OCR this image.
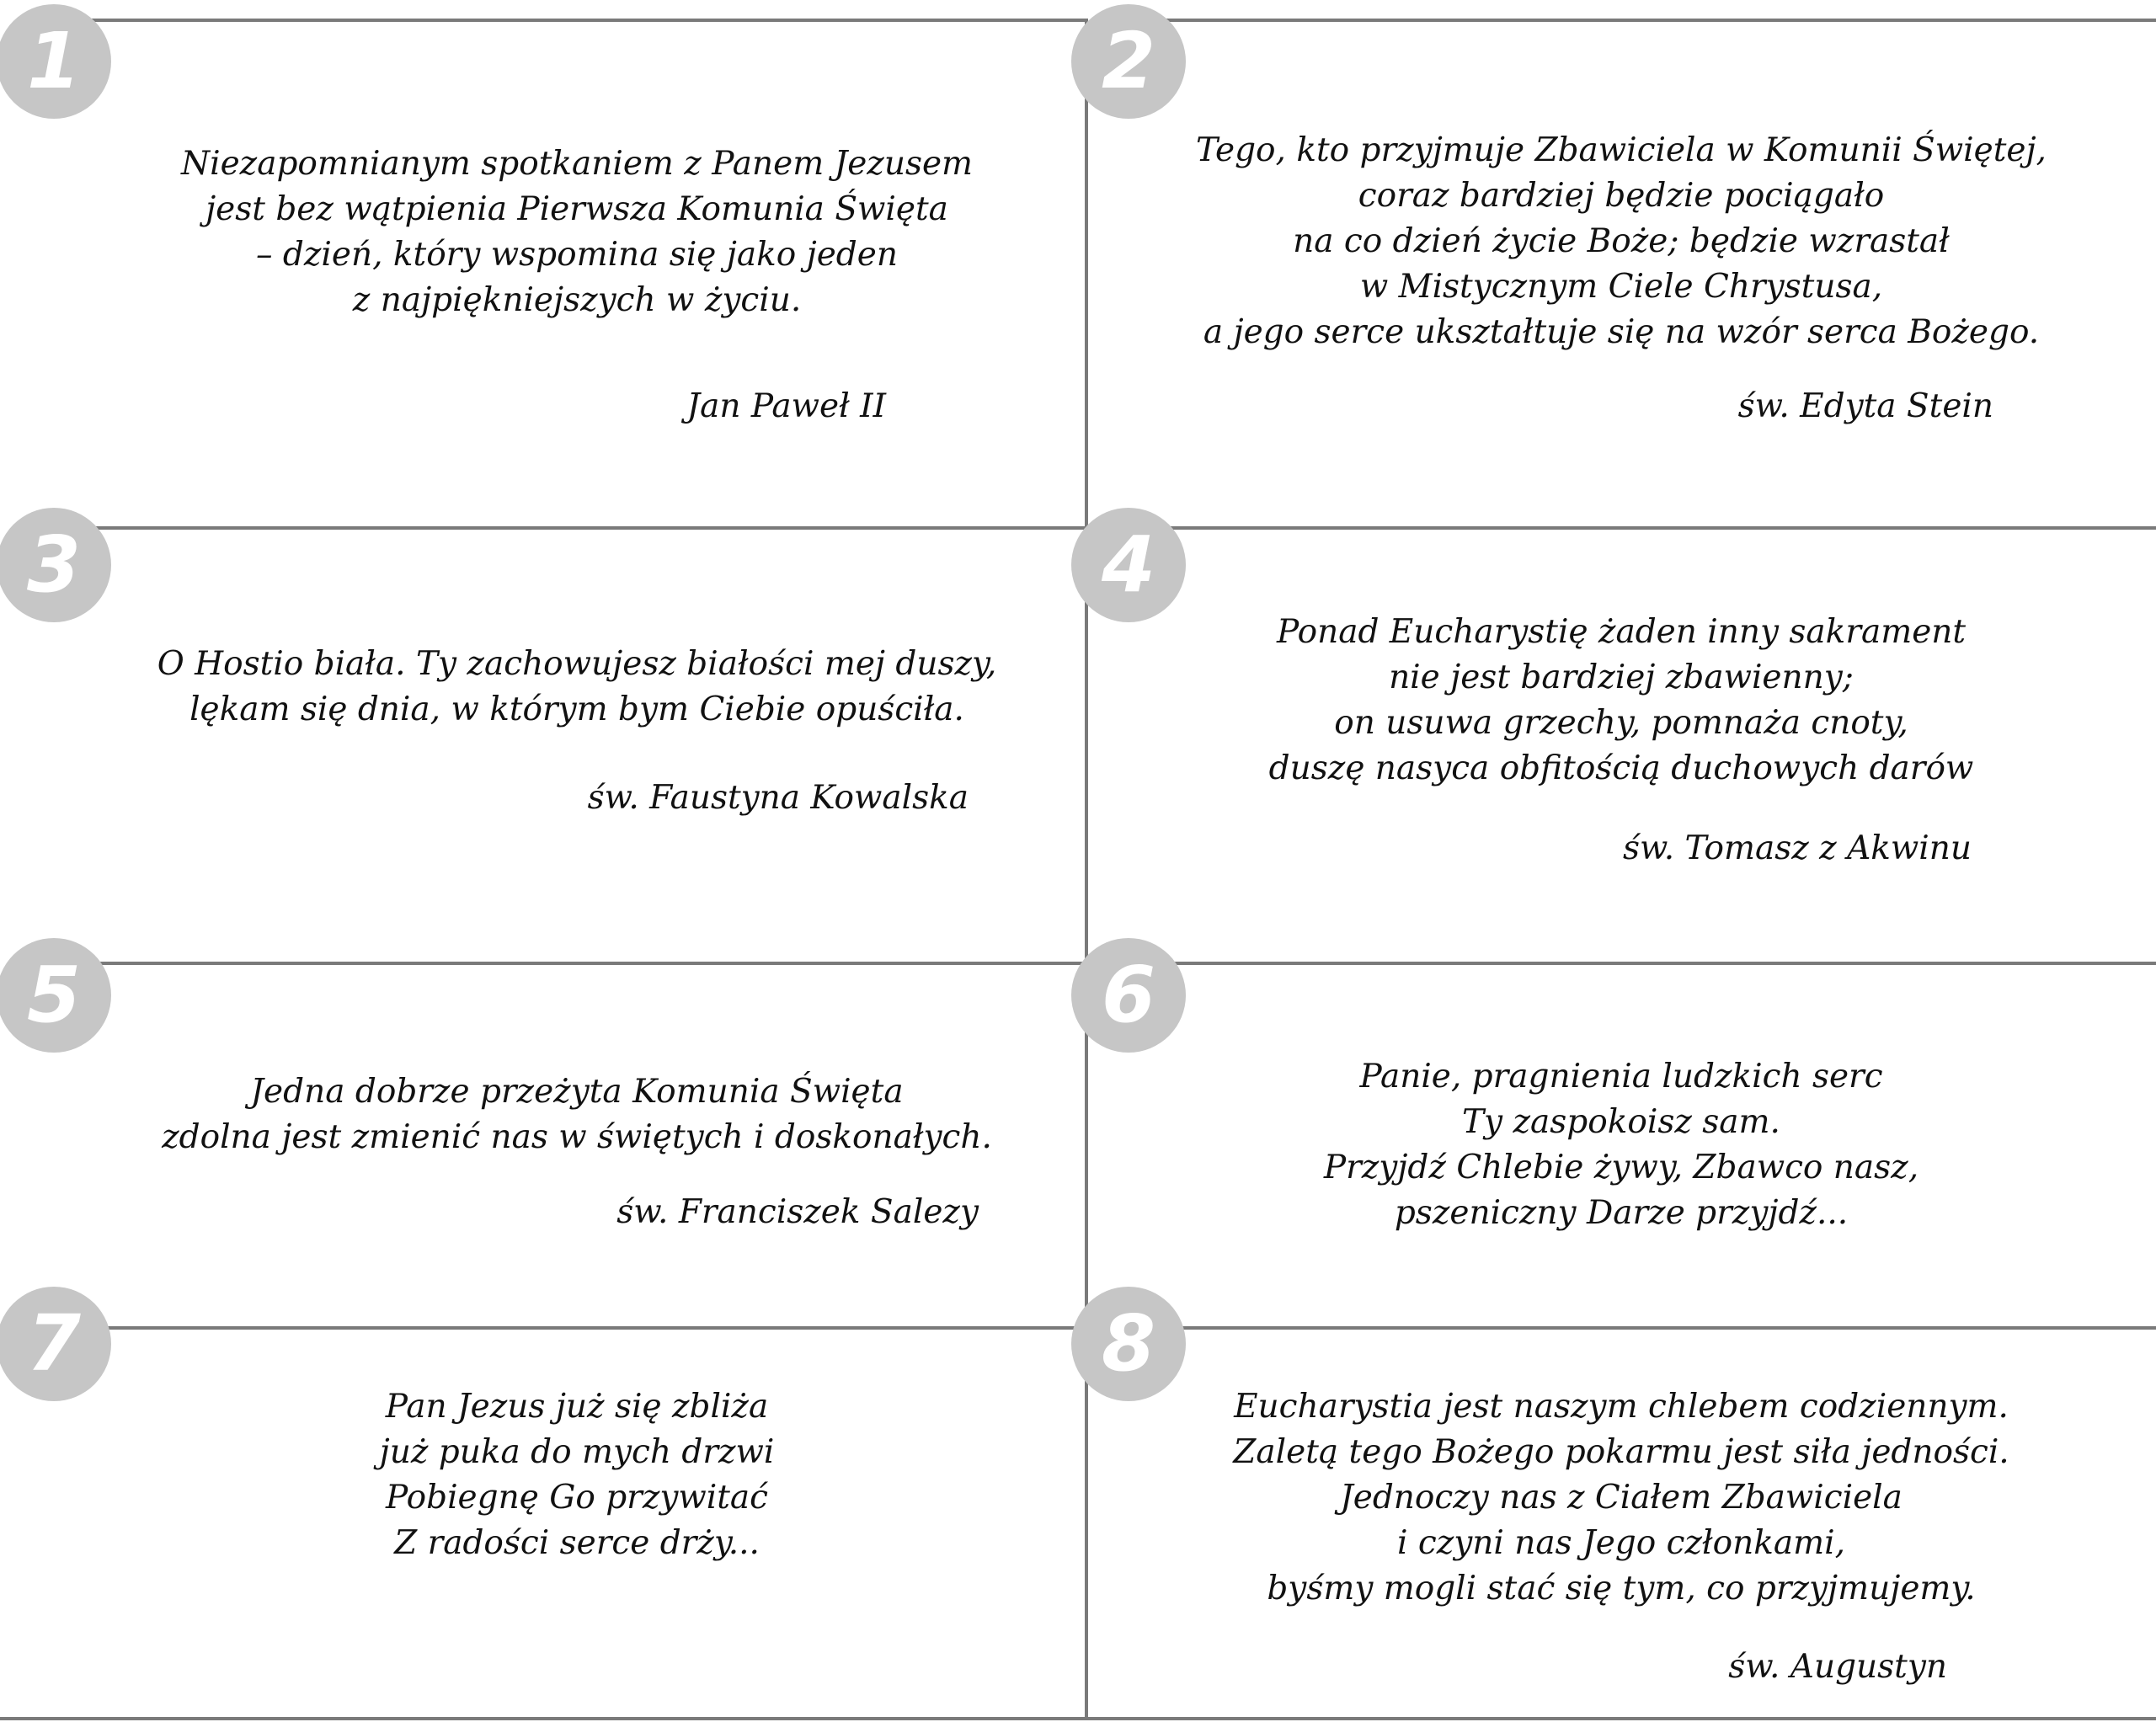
1	2
3	4
5	6
7	8
Niezapomnianym spotkaniem z Panem Jezusem
jest bez wątpienia Pierwsza Komunia Święta
– dzień, który wspomina się jako jeden
z najpiękniejszych w życiu.
Jan Paweł II
Tego, kto przyjmuje Zbawiciela w Komunii Świętej,
coraz bardziej będzie pociągało
na co dzień życie Boże; będzie wzrastał
w Mistycznym Ciele Chrystusa,
a jego serce ukształtuje się na wzór serca Bożego.
św. Edyta Stein
O Hostio biała. Ty zachowujesz białości mej duszy,
lękam się dnia, w którym bym Ciebie opuściła.
św. Faustyna Kowalska
Ponad Eucharystię żaden inny sakrament
nie jest bardziej zbawienny;
on usuwa grzechy, pomnaża cnoty,
duszę nasyca obfitością duchowych darów
św. Tomasz z Akwinu
Jedna dobrze przeżyta Komunia Święta
zdolna jest zmienić nas w świętych i doskonałych.
św. Franciszek Salezy
Panie, pragnienia ludzkich serc
Ty zaspokoisz sam.
Przyjdź Chlebie żywy, Zbawco nasz,
pszeniczny Darze przyjdź...
Pan Jezus już się zbliża
już puka do mych drzwi
Pobiegnę Go przywitać
Z radości serce drży...
Eucharystia jest naszym chlebem codziennym.
Zaletą tego Bożego pokarmu jest siła jedności.
Jednoczy nas z Ciałem Zbawiciela
i czyni nas Jego członkami,
byśmy mogli stać się tym, co przyjmujemy.
św. Augustyn
